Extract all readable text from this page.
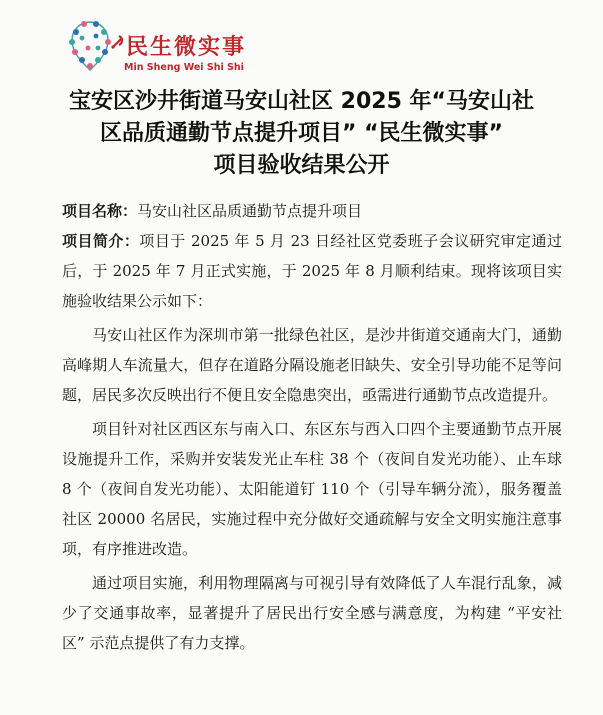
民生微实事
Min Sheng Wei Shi Shi
宝安区沙井街道马安山社区 2025 年“马安山社
区品质通勤节点提升项目” “民生微实事”
项目验收结果公开
项目名称：马安山社区品质通勤节点提升项目
项目简介：项目于 2025 年 5 月 23 日经社区党委班子会议研究审定通过后，于 2025 年 7 月正式实施，于 2025 年 8 月顺利结束。现将该项目实施验收结果公示如下：
马安山社区作为深圳市第一批绿色社区，是沙井街道交通南大门，通勤高峰期人车流量大，但存在道路分隔设施老旧缺失、安全引导功能不足等问题，居民多次反映出行不便且安全隐患突出，亟需进行通勤节点改造提升。
项目针对社区西区东与南入口、东区东与西入口四个主要通勤节点开展设施提升工作，采购并安装发光止车柱 38 个（夜间自发光功能）、止车球 8 个（夜间自发光功能）、太阳能道钉 110 个（引导车辆分流），服务覆盖社区 20000 名居民，实施过程中充分做好交通疏解与安全文明实施注意事项，有序推进改造。
通过项目实施，利用物理隔离与可视引导有效降低了人车混行乱象，减少了交通事故率，显著提升了居民出行安全感与满意度，为构建 “平安社区” 示范点提供了有力支撑。
